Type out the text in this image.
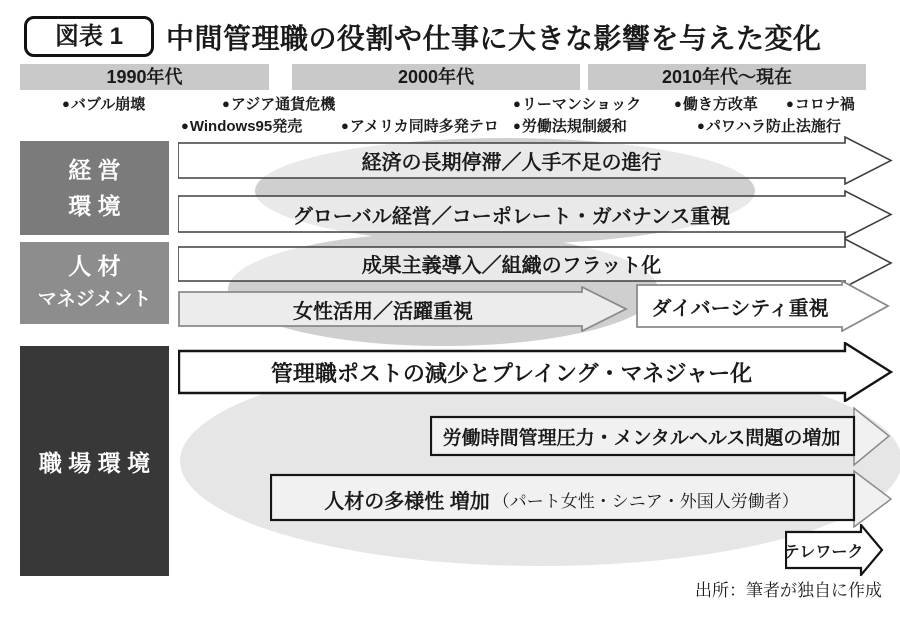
図表 1	中間管理職の役割や仕事に大きな影響を与えた変化
1990年代	2000年代	2010年代～現在
●バブル崩壊	●アジア通貨危機	●リーマンショック	●働き方改革 ●コロナ禍
●Windows95発売	●アメリカ同時多発テロ ●労働法規制緩和	●パワハラ防止法施行
経 営
環 境
人 材
マネジメント
職 場 環 境
経済の長期停滞／人手不足の進行
グローバル経営／コーポレート・ガバナンス重視
成果主義導入／組織のフラット化
女性活用／活躍重視	ダイバーシティ重視
管理職ポストの減少とプレイング・マネジャー化
労働時間管理圧力・メンタルヘルス問題の増加
人材の多様性 増加 （パート女性・シニア・外国人労働者）
テレワーク
出所：筆者が独自に作成
